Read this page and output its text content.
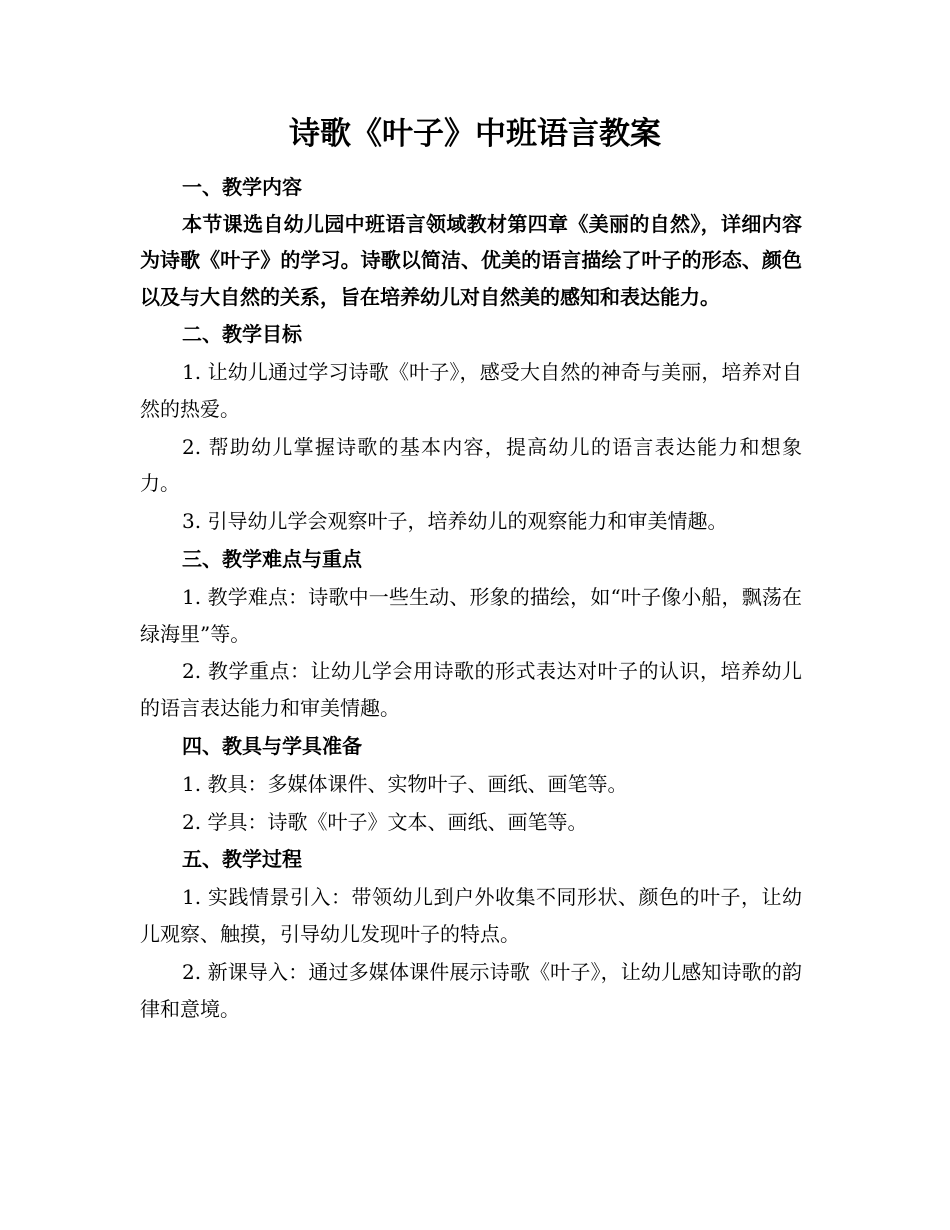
诗歌《叶子》中班语言教案

一、教学内容

本节课选自幼儿园中班语言领域教材第四章《美丽的自然》，详细内容为诗歌《叶子》的学习。诗歌以简洁、优美的语言描绘了叶子的形态、颜色以及与大自然的关系，旨在培养幼儿对自然美的感知和表达能力。

二、教学目标

1. 让幼儿通过学习诗歌《叶子》，感受大自然的神奇与美丽，培养对自然的热爱。

2. 帮助幼儿掌握诗歌的基本内容，提高幼儿的语言表达能力和想象力。

3. 引导幼儿学会观察叶子，培养幼儿的观察能力和审美情趣。

三、教学难点与重点

1. 教学难点：诗歌中一些生动、形象的描绘，如“叶子像小船，飘荡在绿海里”等。

2. 教学重点：让幼儿学会用诗歌的形式表达对叶子的认识，培养幼儿的语言表达能力和审美情趣。

四、教具与学具准备

1. 教具：多媒体课件、实物叶子、画纸、画笔等。

2. 学具：诗歌《叶子》文本、画纸、画笔等。

五、教学过程

1. 实践情景引入：带领幼儿到户外收集不同形状、颜色的叶子，让幼儿观察、触摸，引导幼儿发现叶子的特点。

2. 新课导入：通过多媒体课件展示诗歌《叶子》，让幼儿感知诗歌的韵律和意境。
